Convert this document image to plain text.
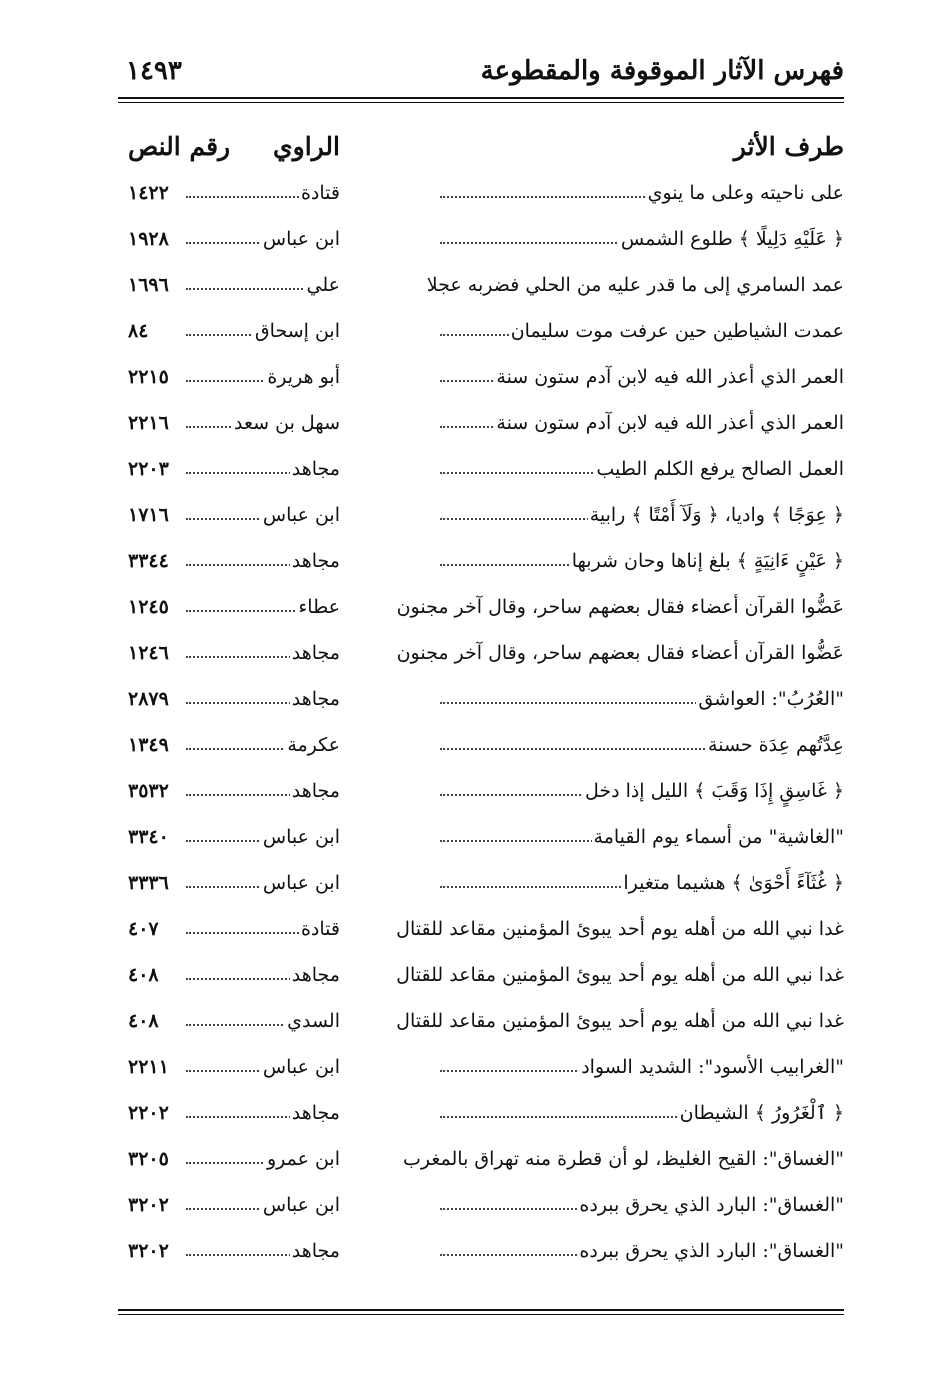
فهرس الآثار الموقوفة والمقطوعة
١٤٩٣
طرف الأثر
الراوي
رقم النص
على ناحيته وعلى ما ينوي
قتادة
١٤٢٢
﴿ عَلَيْهِ دَلِيلًا ﴾ طلوع الشمس
ابن عباس
١٩٢٨
عمد السامري إلى ما قدر عليه من الحلي فضربه عجلا
علي
١٦٩٦
عمدت الشياطين حين عرفت موت سليمان
ابن إسحاق
٨٤
العمر الذي أعذر الله فيه لابن آدم ستون سنة
أبو هريرة
٢٢١٥
العمر الذي أعذر الله فيه لابن آدم ستون سنة
سهل بن سعد
٢٢١٦
العمل الصالح يرفع الكلم الطيب
مجاهد
٢٢٠٣
﴿ عِوَجًا ﴾ واديا، ﴿ وَلَآ أَمْتًا ﴾ رابية
ابن عباس
١٧١٦
﴿ عَيْنٍ ءَانِيَةٍ ﴾ بلغ إناها وحان شربها
مجاهد
٣٣٤٤
عَضُّوا القرآن أعضاء فقال بعضهم ساحر، وقال آخر مجنون
عطاء
١٢٤٥
عَضُّوا القرآن أعضاء فقال بعضهم ساحر، وقال آخر مجنون
مجاهد
١٢٤٦
"العُرُبُ": العواشق
مجاهد
٢٨٧٩
عِدَّتُهم عِدَة حسنة
عكرمة
١٣٤٩
﴿ غَاسِقٍ إِذَا وَقَبَ ﴾ الليل إذا دخل
مجاهد
٣٥٣٢
"الغاشية" من أسماء يوم القيامة
ابن عباس
٣٣٤٠
﴿ غُثَآءً أَحْوَىٰ ﴾ هشيما متغيرا
ابن عباس
٣٣٣٦
غدا نبي الله من أهله يوم أحد يبوئ المؤمنين مقاعد للقتال
قتادة
٤٠٧
غدا نبي الله من أهله يوم أحد يبوئ المؤمنين مقاعد للقتال
مجاهد
٤٠٨
غدا نبي الله من أهله يوم أحد يبوئ المؤمنين مقاعد للقتال
السدي
٤٠٨
"الغرابيب الأسود": الشديد السواد
ابن عباس
٢٢١١
﴿ ٱلْغَرُورُ ﴾ الشيطان
مجاهد
٢٢٠٢
"الغساق": القيح الغليظ، لو أن قطرة منه تهراق بالمغرب
ابن عمرو
٣٢٠٥
"الغساق": البارد الذي يحرق ببرده
ابن عباس
٣٢٠٢
"الغساق": البارد الذي يحرق ببرده
مجاهد
٣٢٠٢
